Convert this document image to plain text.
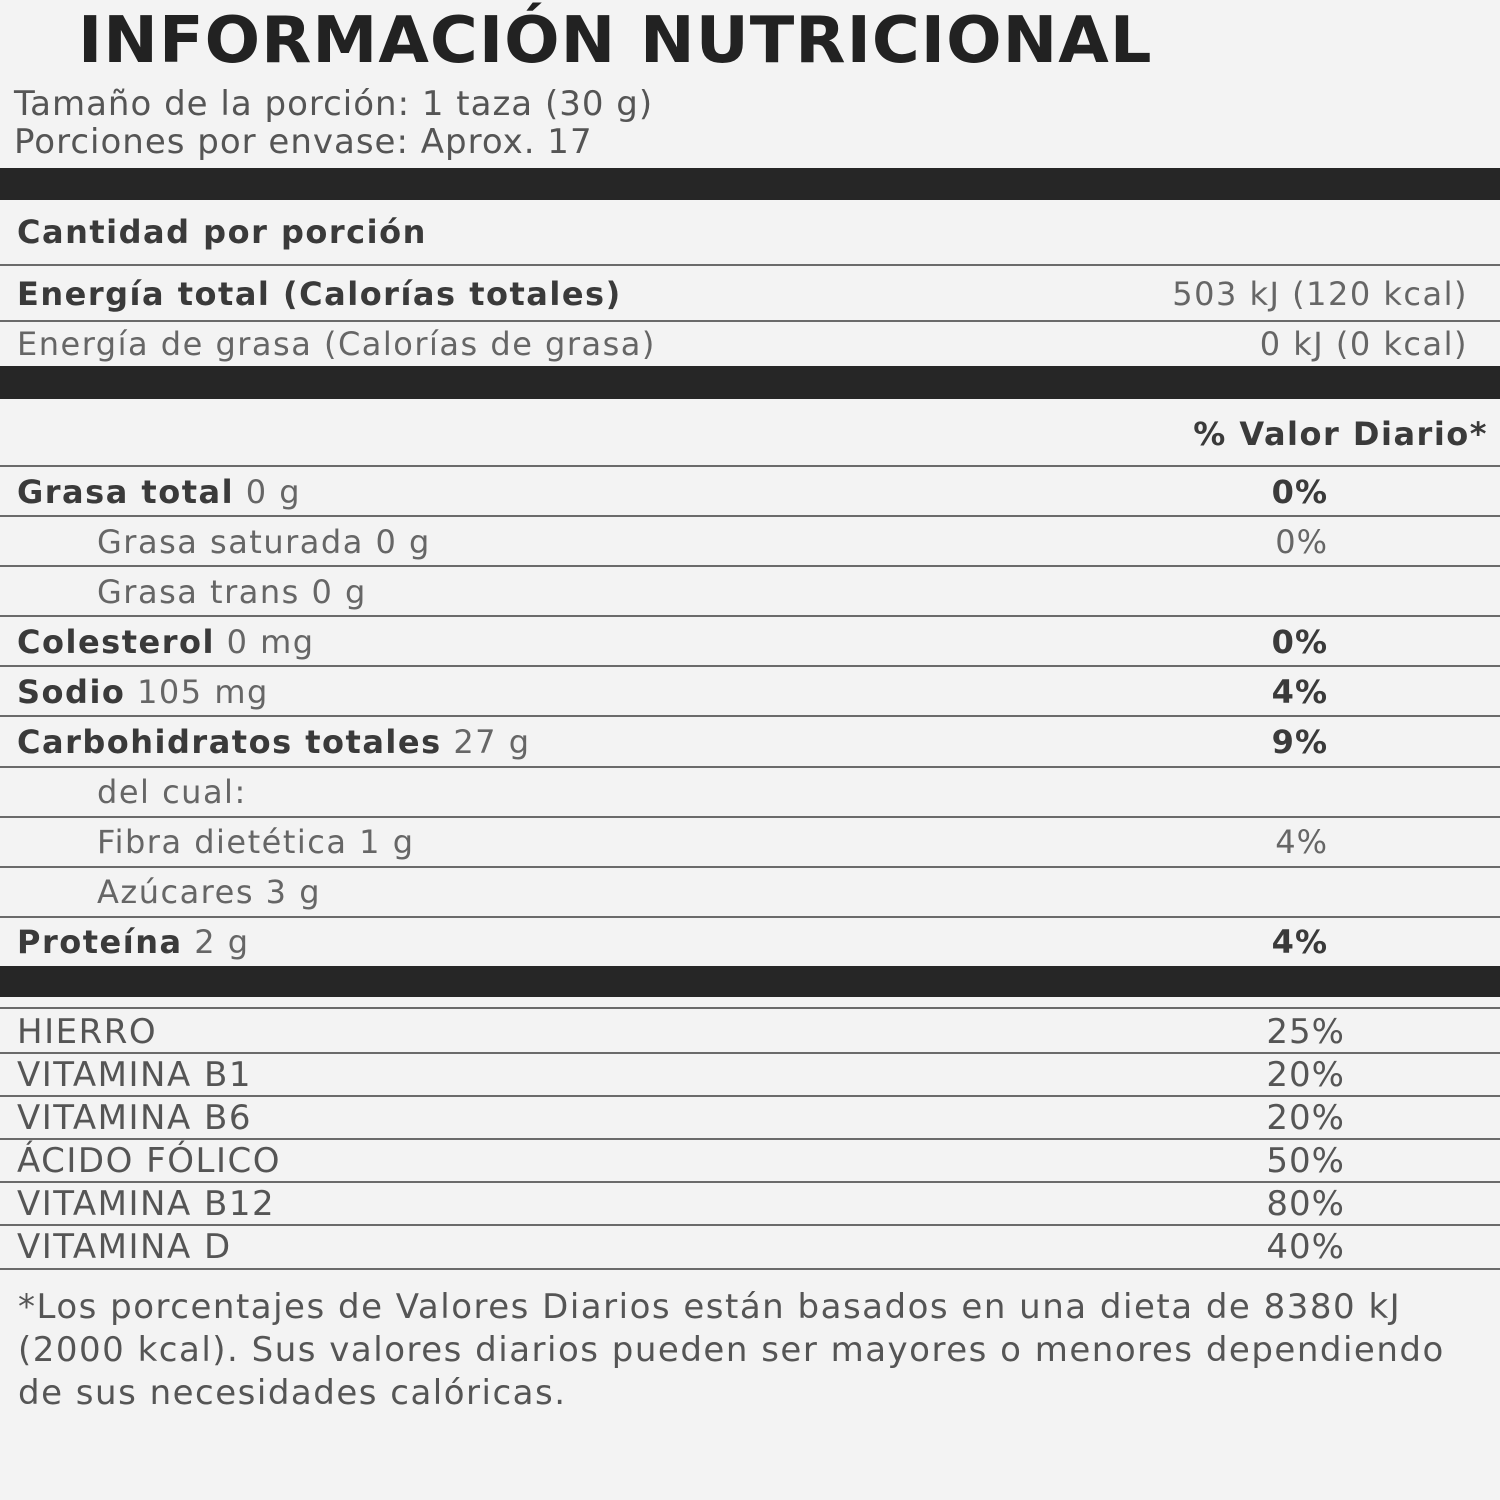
INFORMACIÓN NUTRICIONAL
Tamaño de la porción: 1 taza (30 g)
Porciones por envase: Aprox. 17
Cantidad por porción
Energía total (Calorías totales)	503 kJ (120 kcal)
Energía de grasa (Calorías de grasa)	0 kJ (0 kcal)
% Valor Diario*
Grasa total 0 g	0%
Grasa saturada 0 g	0%
Grasa trans 0 g
Colesterol 0 mg	0%
Sodio 105 mg	4%
Carbohidratos totales 27 g	9%
del cual:
Fibra dietética 1 g	4%
Azúcares 3 g
Proteína 2 g	4%
HIERRO	25%
VITAMINA B1	20%
VITAMINA B6	20%
ÁCIDO FÓLICO	50%
VITAMINA B12	80%
VITAMINA D	40%
*Los porcentajes de Valores Diarios están basados en una dieta de 8380 kJ (2000 kcal). Sus valores diarios pueden ser mayores o menores dependiendo de sus necesidades calóricas.
